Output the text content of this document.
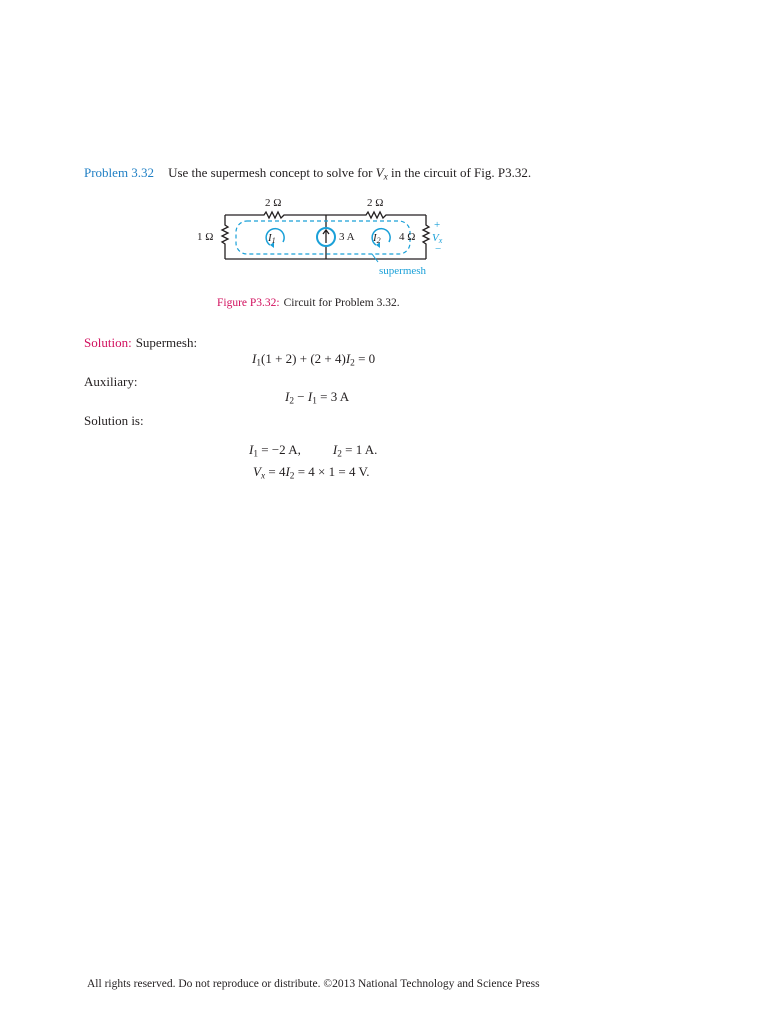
Problem 3.32 Use the supermesh concept to solve for $V_x$ in the circuit of Fig. P3.32.
2 Ω	2 Ω
1 Ω	4 Ω
3 A
I1	I2
+
Vx
−
supermesh
Figure P3.32: Circuit for Problem 3.32.
Solution: Supermesh:
$I_1(1 + 2) + (2 + 4)I_2 = 0$
Auxiliary:
$I_2 - I_1 = 3$ A
Solution is:
$I_1 = -2$ A, $I_2 = 1$ A.
$V_x = 4I_2 = 4 \times 1 = 4$ V.
All rights reserved. Do not reproduce or distribute. ©2013 National Technology and Science Press
